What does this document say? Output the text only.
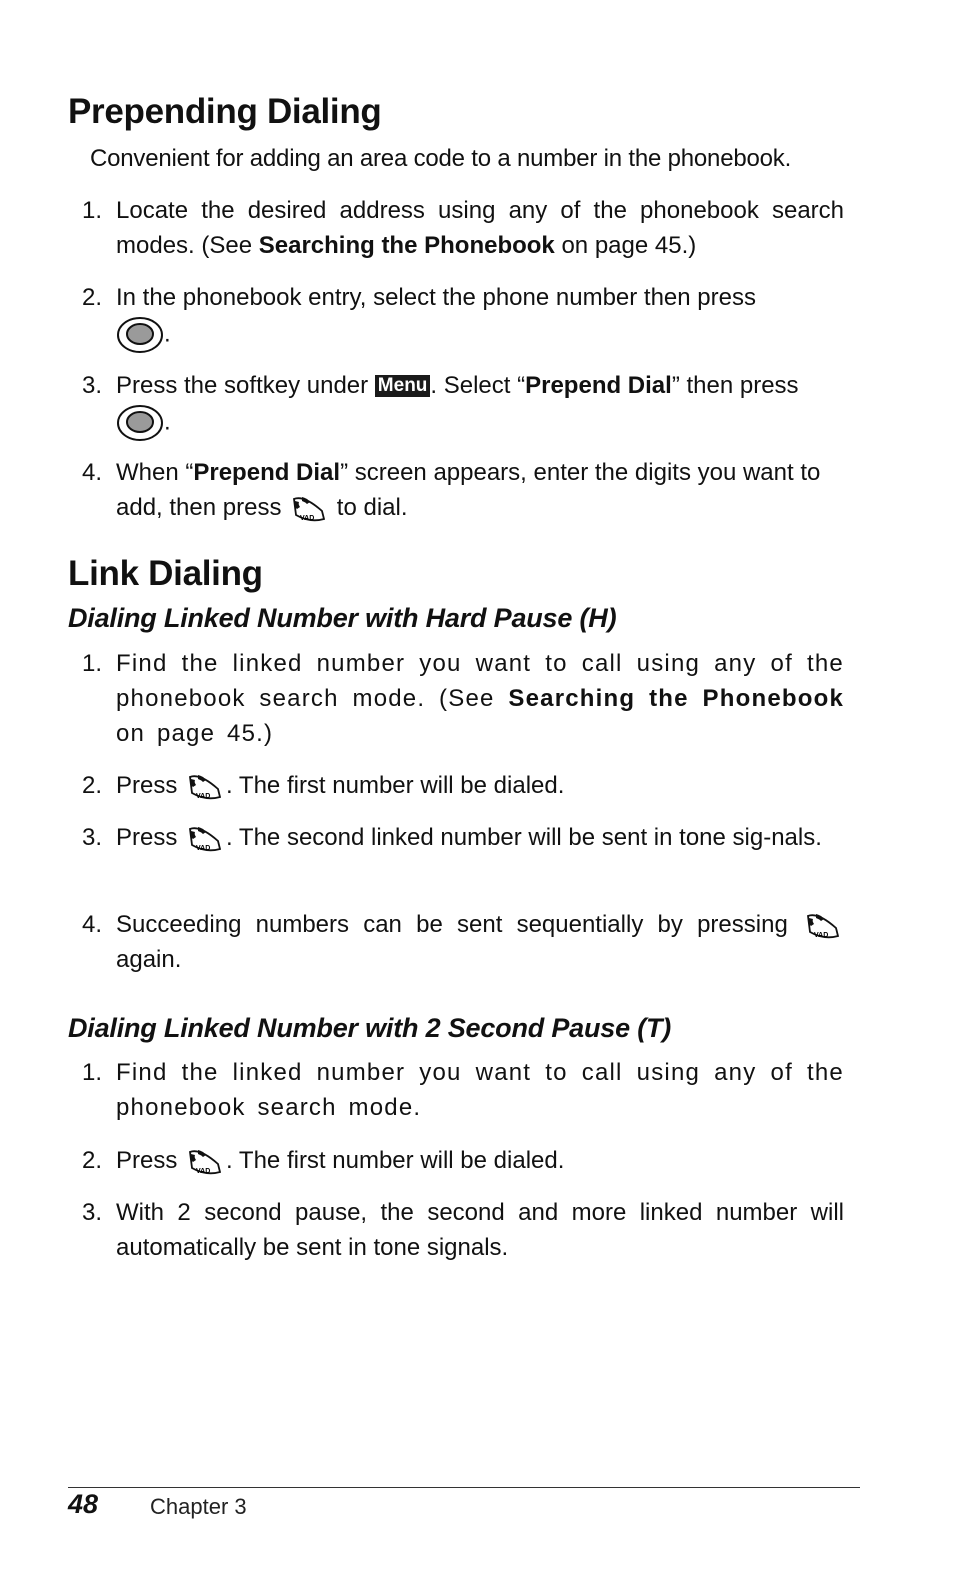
Prepending Dialing

Convenient for adding an area code to a number in the phonebook.

1. Locate the desired address using any of the phonebook search modes. (See Searching the Phonebook on page 45.)
2. In the phonebook entry, select the phone number then press
.
3. Press the softkey under Menu . Select “Prepend Dial” then press
.
4. When “Prepend Dial” screen appears, enter the digits you want to add, then press VAD to dial.
Link Dialing
Dialing Linked Number with Hard Pause (H)
1. Find the linked number you want to call using any of the phonebook search mode. (See Searching the Phonebook on page 45.)
2. Press VAD . The first number will be dialed.
3. Press VAD . The second linked number will be sent in tone sig-nals.
4. Succeeding numbers can be sent sequentially by pressing VAD
again.
Dialing Linked Number with 2 Second Pause (T)
1. Find the linked number you want to call using any of the phonebook search mode.
2. Press VAD . The first number will be dialed.
3. With 2 second pause, the second and more linked number will automatically be sent in tone signals.
48 Chapter 3
